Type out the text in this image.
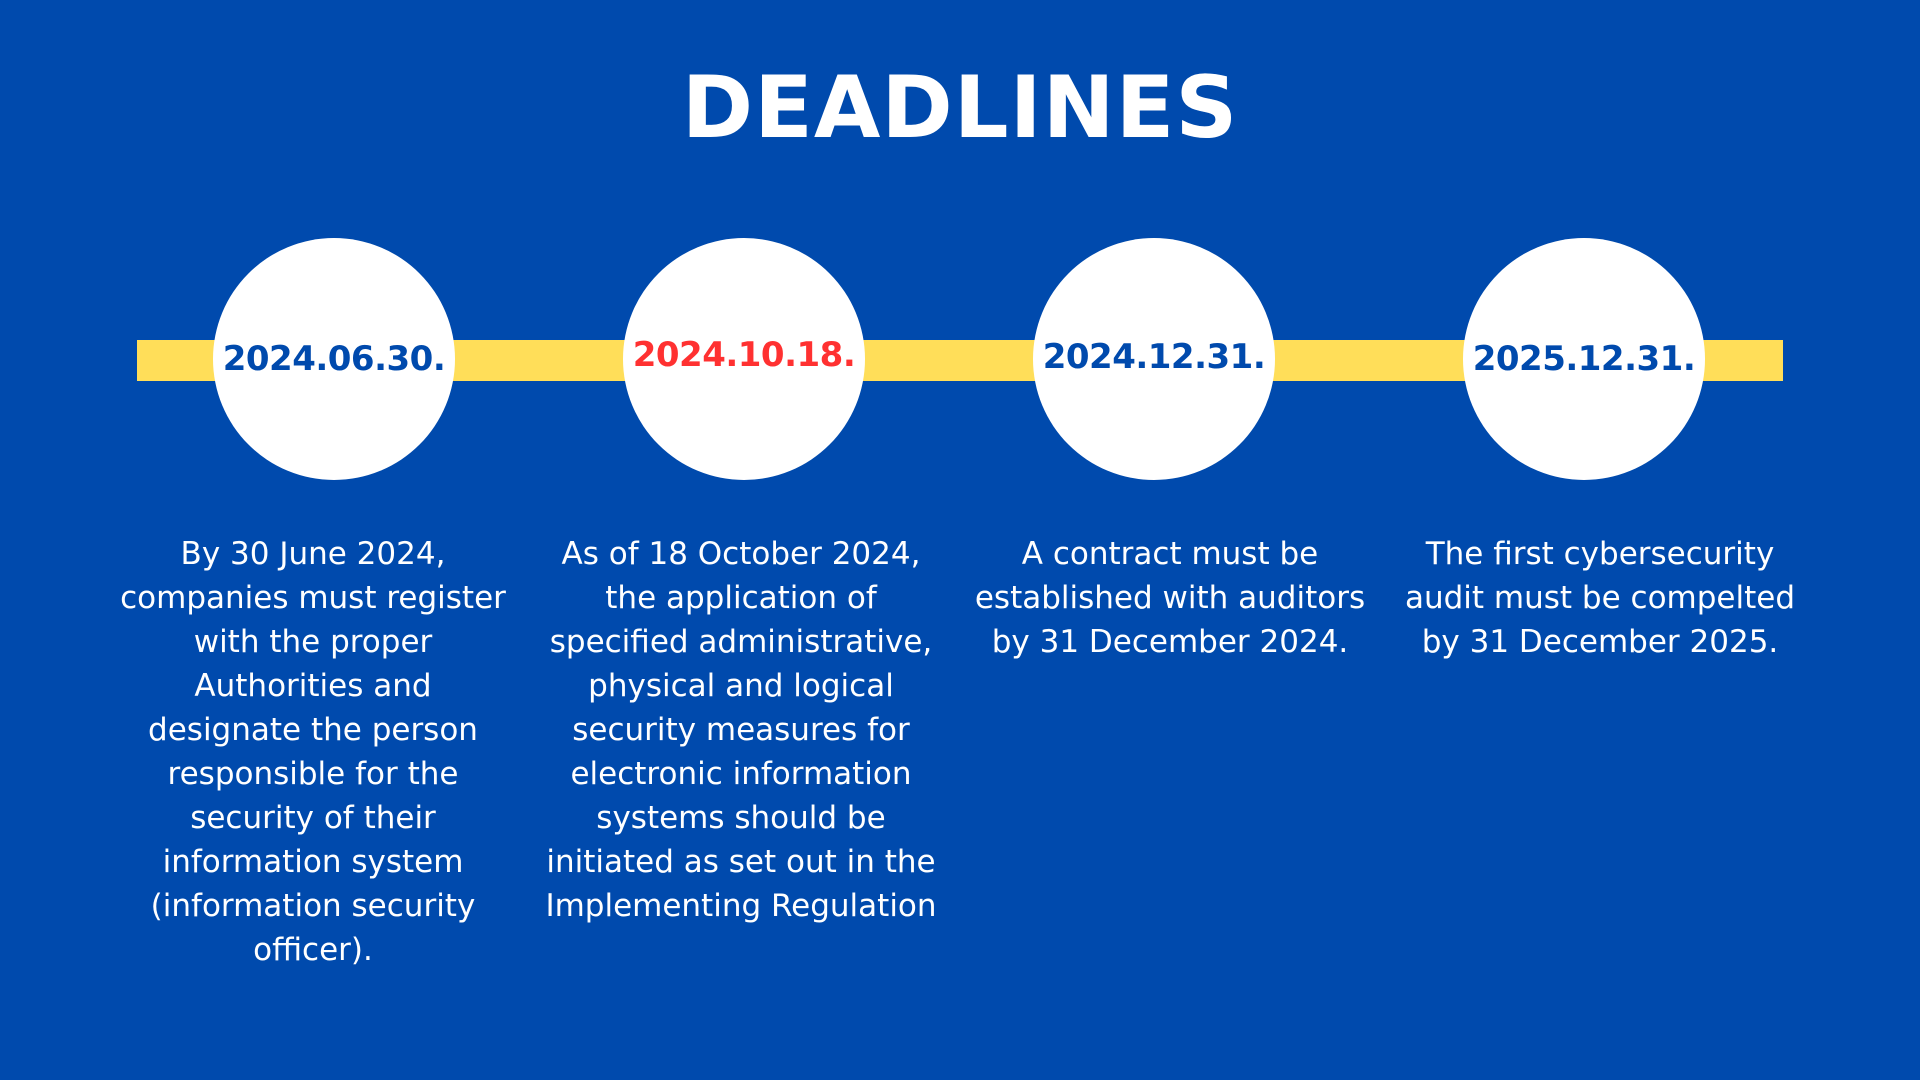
DEADLINES
2024.06.30.	2024.10.18.	2024.12.31.	2025.12.31.
By 30 June 2024, companies must register with the proper Authorities and designate the person responsible for the security of their information system (information security officer).
As of 18 October 2024, the application of specified administrative, physical and logical security measures for electronic information systems should be initiated as set out in the Implementing Regulation
A contract must be established with auditors by 31 December 2024.
The first cybersecurity audit must be compelted by 31 December 2025.
